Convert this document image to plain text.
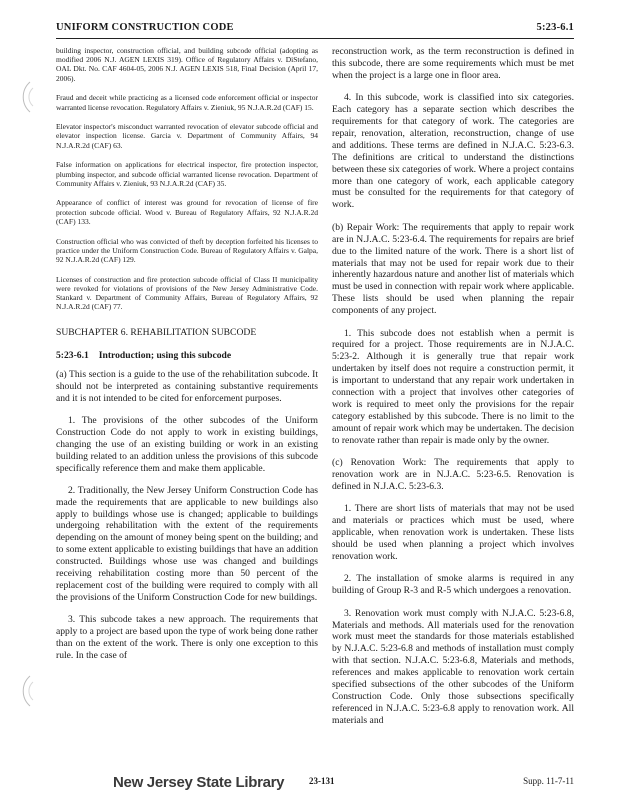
UNIFORM CONSTRUCTION CODE	5:23-6.1

building inspector, construction official, and building subcode official (adopting as modified 2006 N.J. AGEN LEXIS 319). Office of Regulatory Affairs v. DiStefano, OAL Dkt. No. CAF 4604-05, 2006 N.J. AGEN LEXIS 518, Final Decision (April 17, 2006).

Fraud and deceit while practicing as a licensed code enforcement official or inspector warranted license revocation. Regulatory Affairs v. Zieniuk, 95 N.J.A.R.2d (CAF) 15.

Elevator inspector's misconduct warranted revocation of elevator subcode official and elevator inspection license. Garcia v. Department of Community Affairs, 94 N.J.A.R.2d (CAF) 63.

False information on applications for electrical inspector, fire protection inspector, plumbing inspector, and subcode official warranted license revocation. Department of Community Affairs v. Zieniuk, 93 N.J.A.R.2d (CAF) 35.

Appearance of conflict of interest was ground for revocation of license of fire protection subcode official. Wood v. Bureau of Regulatory Affairs, 92 N.J.A.R.2d (CAF) 133.

Construction official who was convicted of theft by deception forfeited his licenses to practice under the Uniform Construction Code. Bureau of Regulatory Affairs v. Galpa, 92 N.J.A.R.2d (CAF) 129.

Licenses of construction and fire protection subcode official of Class II municipality were revoked for violations of provisions of the New Jersey Administrative Code. Stankard v. Department of Community Affairs, Bureau of Regulatory Affairs, 92 N.J.A.R.2d (CAF) 77.

SUBCHAPTER 6. REHABILITATION SUBCODE

5:23-6.1 Introduction; using this subcode

(a) This section is a guide to the use of the rehabilitation subcode. It should not be interpreted as containing substantive requirements and it is not intended to be cited for enforcement purposes.

1. The provisions of the other subcodes of the Uniform Construction Code do not apply to work in existing buildings, changing the use of an existing building or work in an existing building related to an addition unless the provisions of this subcode specifically reference them and make them applicable.

2. Traditionally, the New Jersey Uniform Construction Code has made the requirements that are applicable to new buildings also apply to buildings whose use is changed; applicable to buildings undergoing rehabilitation with the extent of the requirements depending on the amount of money being spent on the building; and to some extent applicable to existing buildings that have an addition constructed. Buildings whose use was changed and buildings receiving rehabilitation costing more than 50 percent of the replacement cost of the building were required to comply with all the provisions of the Uniform Construction Code for new buildings.

3. This subcode takes a new approach. The requirements that apply to a project are based upon the type of work being done rather than on the extent of the work. There is only one exception to this rule. In the case of

reconstruction work, as the term reconstruction is defined in this subcode, there are some requirements which must be met when the project is a large one in floor area.

4. In this subcode, work is classified into six categories. Each category has a separate section which describes the requirements for that category of work. The categories are repair, renovation, alteration, reconstruction, change of use and additions. These terms are defined in N.J.A.C. 5:23-6.3. The definitions are critical to understand the distinctions between these six categories of work. Where a project contains more than one category of work, each applicable category must be consulted for the requirements for that category of work.

(b) Repair Work: The requirements that apply to repair work are in N.J.A.C. 5:23-6.4. The requirements for repairs are brief due to the limited nature of the work. There is a short list of materials that may not be used for repair work due to their inherently hazardous nature and another list of materials which must be used in connection with repair work where applicable. These lists should be used when planning the repair components of any project.

1. This subcode does not establish when a permit is required for a project. Those requirements are in N.J.A.C. 5:23-2. Although it is generally true that repair work undertaken by itself does not require a construction permit, it is important to understand that any repair work undertaken in connection with a project that involves other categories of work is required to meet only the provisions for the repair category established by this subcode. There is no limit to the amount of repair work which may be undertaken. The decision to renovate rather than repair is made only by the owner.

(c) Renovation Work: The requirements that apply to renovation work are in N.J.A.C. 5:23-6.5. Renovation is defined in N.J.A.C. 5:23-6.3.

1. There are short lists of materials that may not be used and materials or practices which must be used, where applicable, when renovation work is undertaken. These lists should be used when planning a project which involves renovation work.

2. The installation of smoke alarms is required in any building of Group R-3 and R-5 which undergoes a renovation.

3. Renovation work must comply with N.J.A.C. 5:23-6.8, Materials and methods. All materials used for the renovation work must meet the standards for those materials established by N.J.A.C. 5:23-6.8 and methods of installation must comply with that section. N.J.A.C. 5:23-6.8, Materials and methods, references and makes applicable to renovation work certain specified subsections of the other subcodes of the Uniform Construction Code. Only those subsections specifically referenced in N.J.A.C. 5:23-6.8 apply to renovation work. All materials and

New Jersey State Library	23-131	Supp. 11-7-11
